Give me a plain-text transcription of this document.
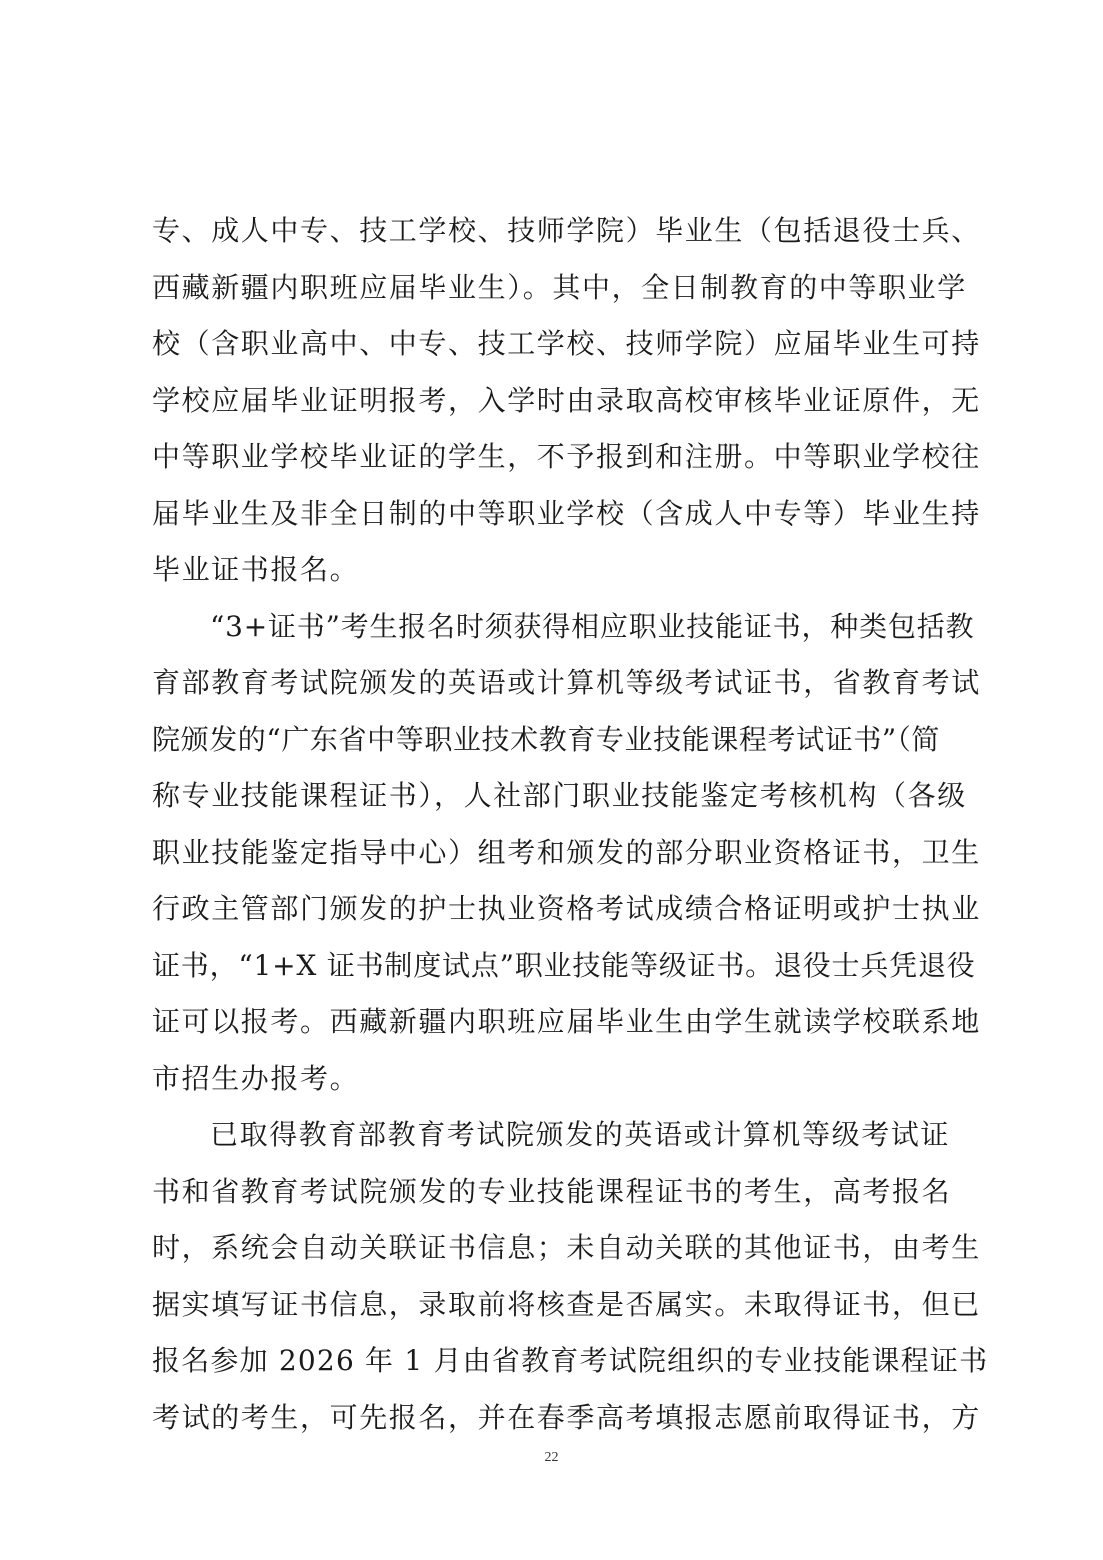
专、成人中专、技工学校、技师学院）毕业生（包括退役士兵、
西藏新疆内职班应届毕业生）。其中，全日制教育的中等职业学
校（含职业高中、中专、技工学校、技师学院）应届毕业生可持
学校应届毕业证明报考，入学时由录取高校审核毕业证原件，无
中等职业学校毕业证的学生，不予报到和注册。中等职业学校往
届毕业生及非全日制的中等职业学校（含成人中专等）毕业生持
毕业证书报名。
“3+证书”考生报名时须获得相应职业技能证书，种类包括教
育部教育考试院颁发的英语或计算机等级考试证书，省教育考试
院颁发的“广东省中等职业技术教育专业技能课程考试证书”（简
称专业技能课程证书），人社部门职业技能鉴定考核机构（各级
职业技能鉴定指导中心）组考和颁发的部分职业资格证书，卫生
行政主管部门颁发的护士执业资格考试成绩合格证明或护士执业
证书，“1+X 证书制度试点”职业技能等级证书。退役士兵凭退役
证可以报考。西藏新疆内职班应届毕业生由学生就读学校联系地
市招生办报考。
已取得教育部教育考试院颁发的英语或计算机等级考试证
书和省教育考试院颁发的专业技能课程证书的考生，高考报名
时，系统会自动关联证书信息；未自动关联的其他证书，由考生
据实填写证书信息，录取前将核查是否属实。未取得证书，但已
报名参加 2026 年 1 月由省教育考试院组织的专业技能课程证书
考试的考生，可先报名，并在春季高考填报志愿前取得证书，方
22
